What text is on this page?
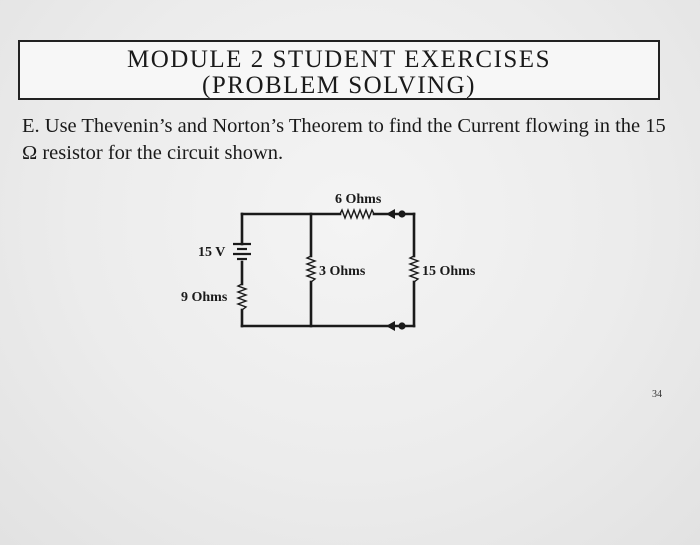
MODULE 2 STUDENT EXERCISES
(PROBLEM SOLVING)
E. Use Thevenin’s and Norton’s Theorem to find the Current flowing in the 15 Ω resistor for the circuit shown.
6 Ohms
15 V
3 Ohms	15 Ohms
9 Ohms
34
